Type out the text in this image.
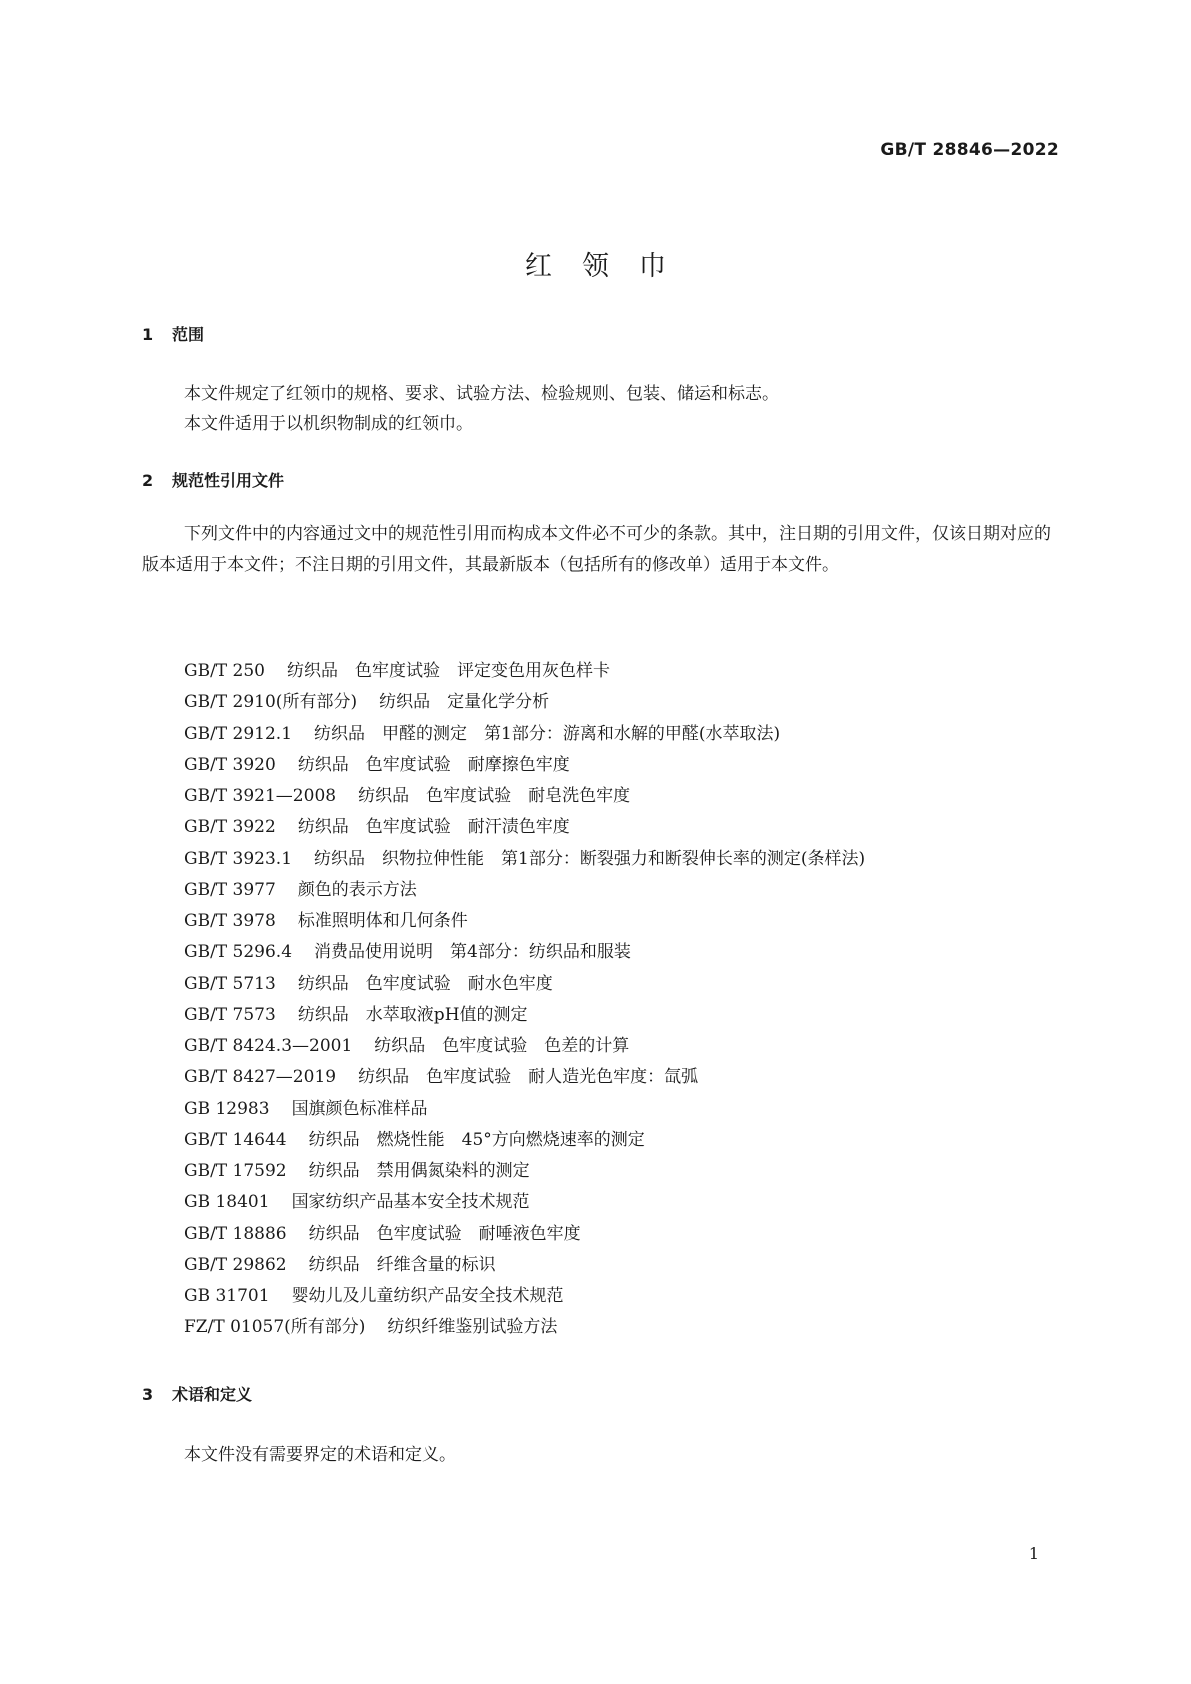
GB/T 28846—2022
红领巾
1 范围

本文件规定了红领巾的规格、要求、试验方法、检验规则、包装、储运和标志。

本文件适用于以机织物制成的红领巾。

2 规范性引用文件

下列文件中的内容通过文中的规范性引用而构成本文件必不可少的条款。其中，注日期的引用文件，仅该日期对应的版本适用于本文件；不注日期的引用文件，其最新版本（包括所有的修改单）适用于本文件。

GB/T 250 纺织品　色牢度试验　评定变色用灰色样卡
GB/T 2910(所有部分) 纺织品　定量化学分析
GB/T 2912.1 纺织品　甲醛的测定　第1部分：游离和水解的甲醛(水萃取法)
GB/T 3920 纺织品　色牢度试验　耐摩擦色牢度
GB/T 3921—2008 纺织品　色牢度试验　耐皂洗色牢度
GB/T 3922 纺织品　色牢度试验　耐汗渍色牢度
GB/T 3923.1 纺织品　织物拉伸性能　第1部分：断裂强力和断裂伸长率的测定(条样法)
GB/T 3977 颜色的表示方法
GB/T 3978 标准照明体和几何条件
GB/T 5296.4 消费品使用说明　第4部分：纺织品和服装
GB/T 5713 纺织品　色牢度试验　耐水色牢度
GB/T 7573 纺织品　水萃取液pH值的测定
GB/T 8424.3—2001 纺织品　色牢度试验　色差的计算
GB/T 8427—2019 纺织品　色牢度试验　耐人造光色牢度：氙弧
GB 12983 国旗颜色标准样品
GB/T 14644 纺织品　燃烧性能　45°方向燃烧速率的测定
GB/T 17592 纺织品　禁用偶氮染料的测定
GB 18401 国家纺织产品基本安全技术规范
GB/T 18886 纺织品　色牢度试验　耐唾液色牢度
GB/T 29862 纺织品　纤维含量的标识
GB 31701 婴幼儿及儿童纺织产品安全技术规范
FZ/T 01057(所有部分) 纺织纤维鉴别试验方法
3 术语和定义

本文件没有需要界定的术语和定义。

1
